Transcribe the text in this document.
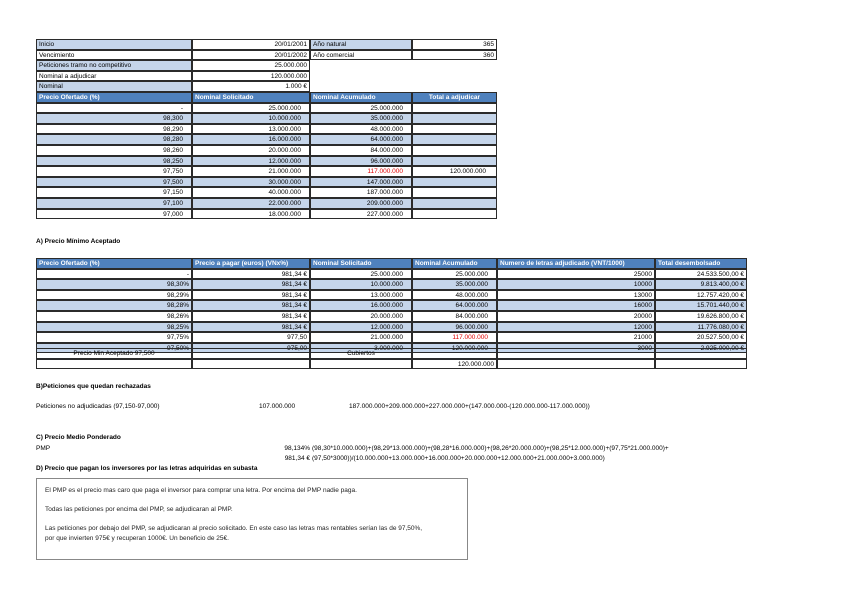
Inicio	20/01/2001 Año natural	365
Vencimiento	20/01/2002 Año comercial	360
Peticiones tramo no competitivo	25.000.000
Nominal a adjudicar	120.000.000
Nominal	1.000 €
Precio Ofertado (%)	Nominal Solicitado	Nominal Acumulado	Total a adjudicar
-	25.000.000	25.000.000
98,300	10.000.000	35.000.000
98,290	13.000.000	48.000.000
98,280	16.000.000	64.000.000
98,260	20.000.000	84.000.000
98,250	12.000.000	96.000.000
97,750	21.000.000	117.000.000	120.000.000
97,500	30.000.000	147.000.000
97,150	40.000.000	187.000.000
97,100	22.000.000	209.000.000
97,000	18.000.000	227.000.000
A) Precio Mínimo Aceptado
Precio Ofertado (%)	Precio a pagar (euros) (VNx%)	Nominal Solicitado	Nominal Acumulado	Numero de letras adjudicado (VNT/1000)	Total desembolsado
-	981,34 €	25.000.000	25.000.000	25000	24.533.500,00 €
98,30%	981,34 €	10.000.000	35.000.000	10000	9.813.400,00 €
98,29%	981,34 €	13.000.000	48.000.000	13000	12.757.420,00 €
98,28%	981,34 €	16.000.000	64.000.000	16000	15.701.440,00 €
98,26%	981,34 €	20.000.000	84.000.000	20000	19.626.800,00 €
98,25%	981,34 €	12.000.000	96.000.000	12000	11.776.080,00 €
97,75%	977,50	21.000.000	117.000.000	21000	20.527.500,00 €
97,50%	975,00	3.000.000	120.000.000	3000	2.925.000,00 €
Precio Min Aceptado 97,500	Cubiertos
120.000.000
B)Peticiones que quedan rechazadas
Peticiones no adjudicadas (97,150-97,000)	107.000.000	187.000.000+209.000.000+227.000.000+(147.000.000-(120.000.000-117.000.000))
C) Precio Medio Ponderado
PMP	98,134% (98,30*10.000.000)+(98,29*13.000.000)+(98,28*16.000.000)+(98,26*20.000.000)+(98,25*12.000.000)+(97,75*21.000.000)+
981,34 € (97,50*3000))/(10.000.000+13.000.000+16.000.000+20.000.000+12.000.000+21.000.000+3.000.000)
D) Precio que pagan los inversores por las letras adquiridas en subasta
El PMP es el precio mas caro que paga el inversor para comprar una letra. Por encima del PMP nadie paga.
Todas las peticiones por encima del PMP, se adjudicaran al PMP.
Las peticiones por debajo del PMP, se adjudicaran al precio solicitado. En este caso las letras mas rentables serían las de 97,50%,
por que invierten 975€ y recuperan 1000€. Un beneficio de 25€.
